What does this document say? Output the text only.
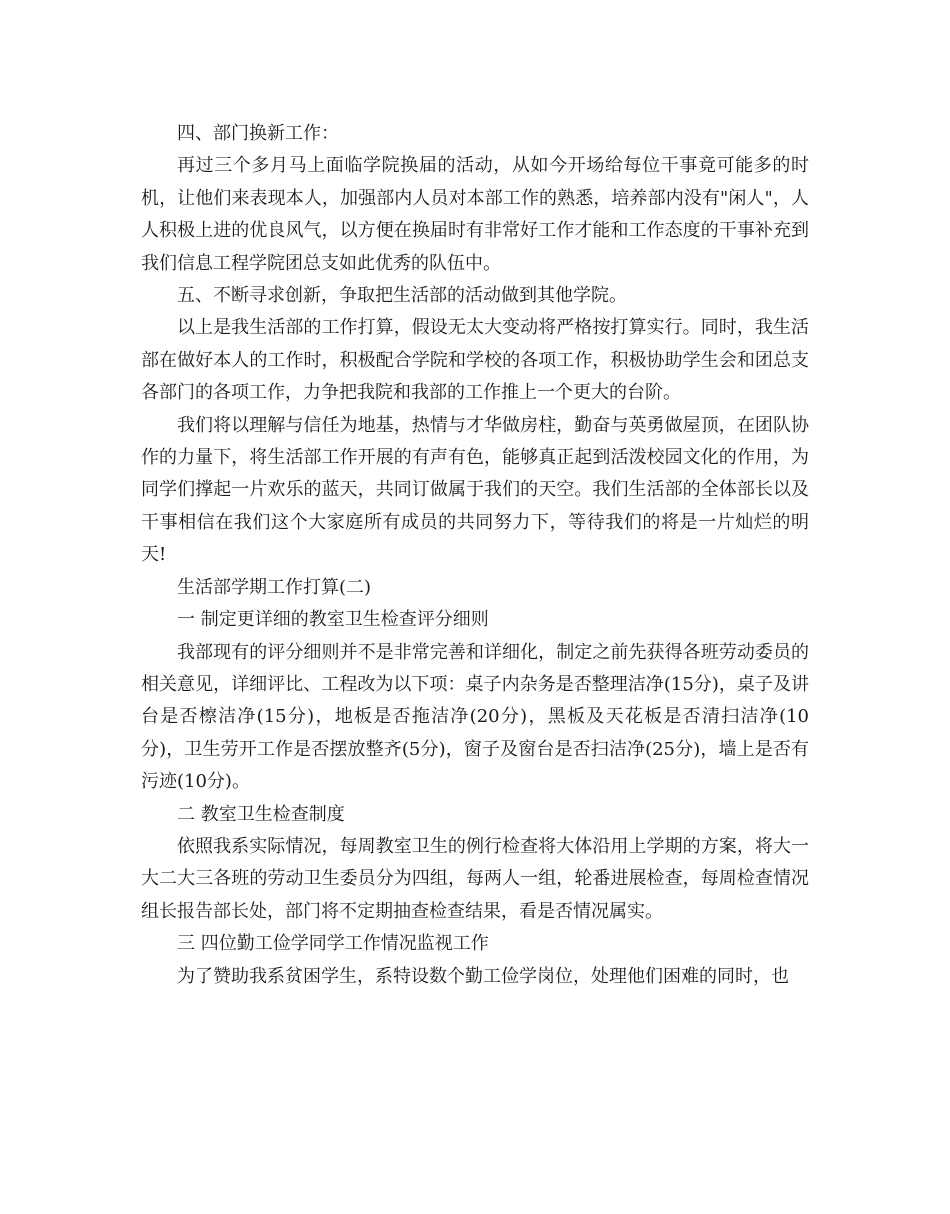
四、部门换新工作：

再过三个多月马上面临学院换届的活动，从如今开场给每位干事竟可能多的时机，让他们来表现本人，加强部内人员对本部工作的熟悉，培养部内没有"闲人"，人人积极上进的优良风气，以方便在换届时有非常好工作才能和工作态度的干事补充到我们信息工程学院团总支如此优秀的队伍中。

五、不断寻求创新，争取把生活部的活动做到其他学院。

以上是我生活部的工作打算，假设无太大变动将严格按打算实行。同时，我生活部在做好本人的工作时，积极配合学院和学校的各项工作，积极协助学生会和团总支各部门的各项工作，力争把我院和我部的工作推上一个更大的台阶。

我们将以理解与信任为地基，热情与才华做房柱，勤奋与英勇做屋顶，在团队协作的力量下，将生活部工作开展的有声有色，能够真正起到活泼校园文化的作用，为同学们撑起一片欢乐的蓝天，共同订做属于我们的天空。我们生活部的全体部长以及干事相信在我们这个大家庭所有成员的共同努力下，等待我们的将是一片灿烂的明天!

生活部学期工作打算(二)

一 制定更详细的教室卫生检查评分细则

我部现有的评分细则并不是非常完善和详细化，制定之前先获得各班劳动委员的相关意见，详细评比、工程改为以下项：桌子内杂务是否整理洁净(15分)，桌子及讲台是否檫洁净(15分)，地板是否拖洁净(20分)，黑板及天花板是否清扫洁净(10分)，卫生劳开工作是否摆放整齐(5分)，窗子及窗台是否扫洁净(25分)，墙上是否有污迹(10分)。

二 教室卫生检查制度

依照我系实际情况，每周教室卫生的例行检查将大体沿用上学期的方案，将大一大二大三各班的劳动卫生委员分为四组，每两人一组，轮番进展检查，每周检查情况组长报告部长处，部门将不定期抽查检查结果，看是否情况属实。

三 四位勤工俭学同学工作情况监视工作

为了赞助我系贫困学生，系特设数个勤工俭学岗位，处理他们困难的同时，也
